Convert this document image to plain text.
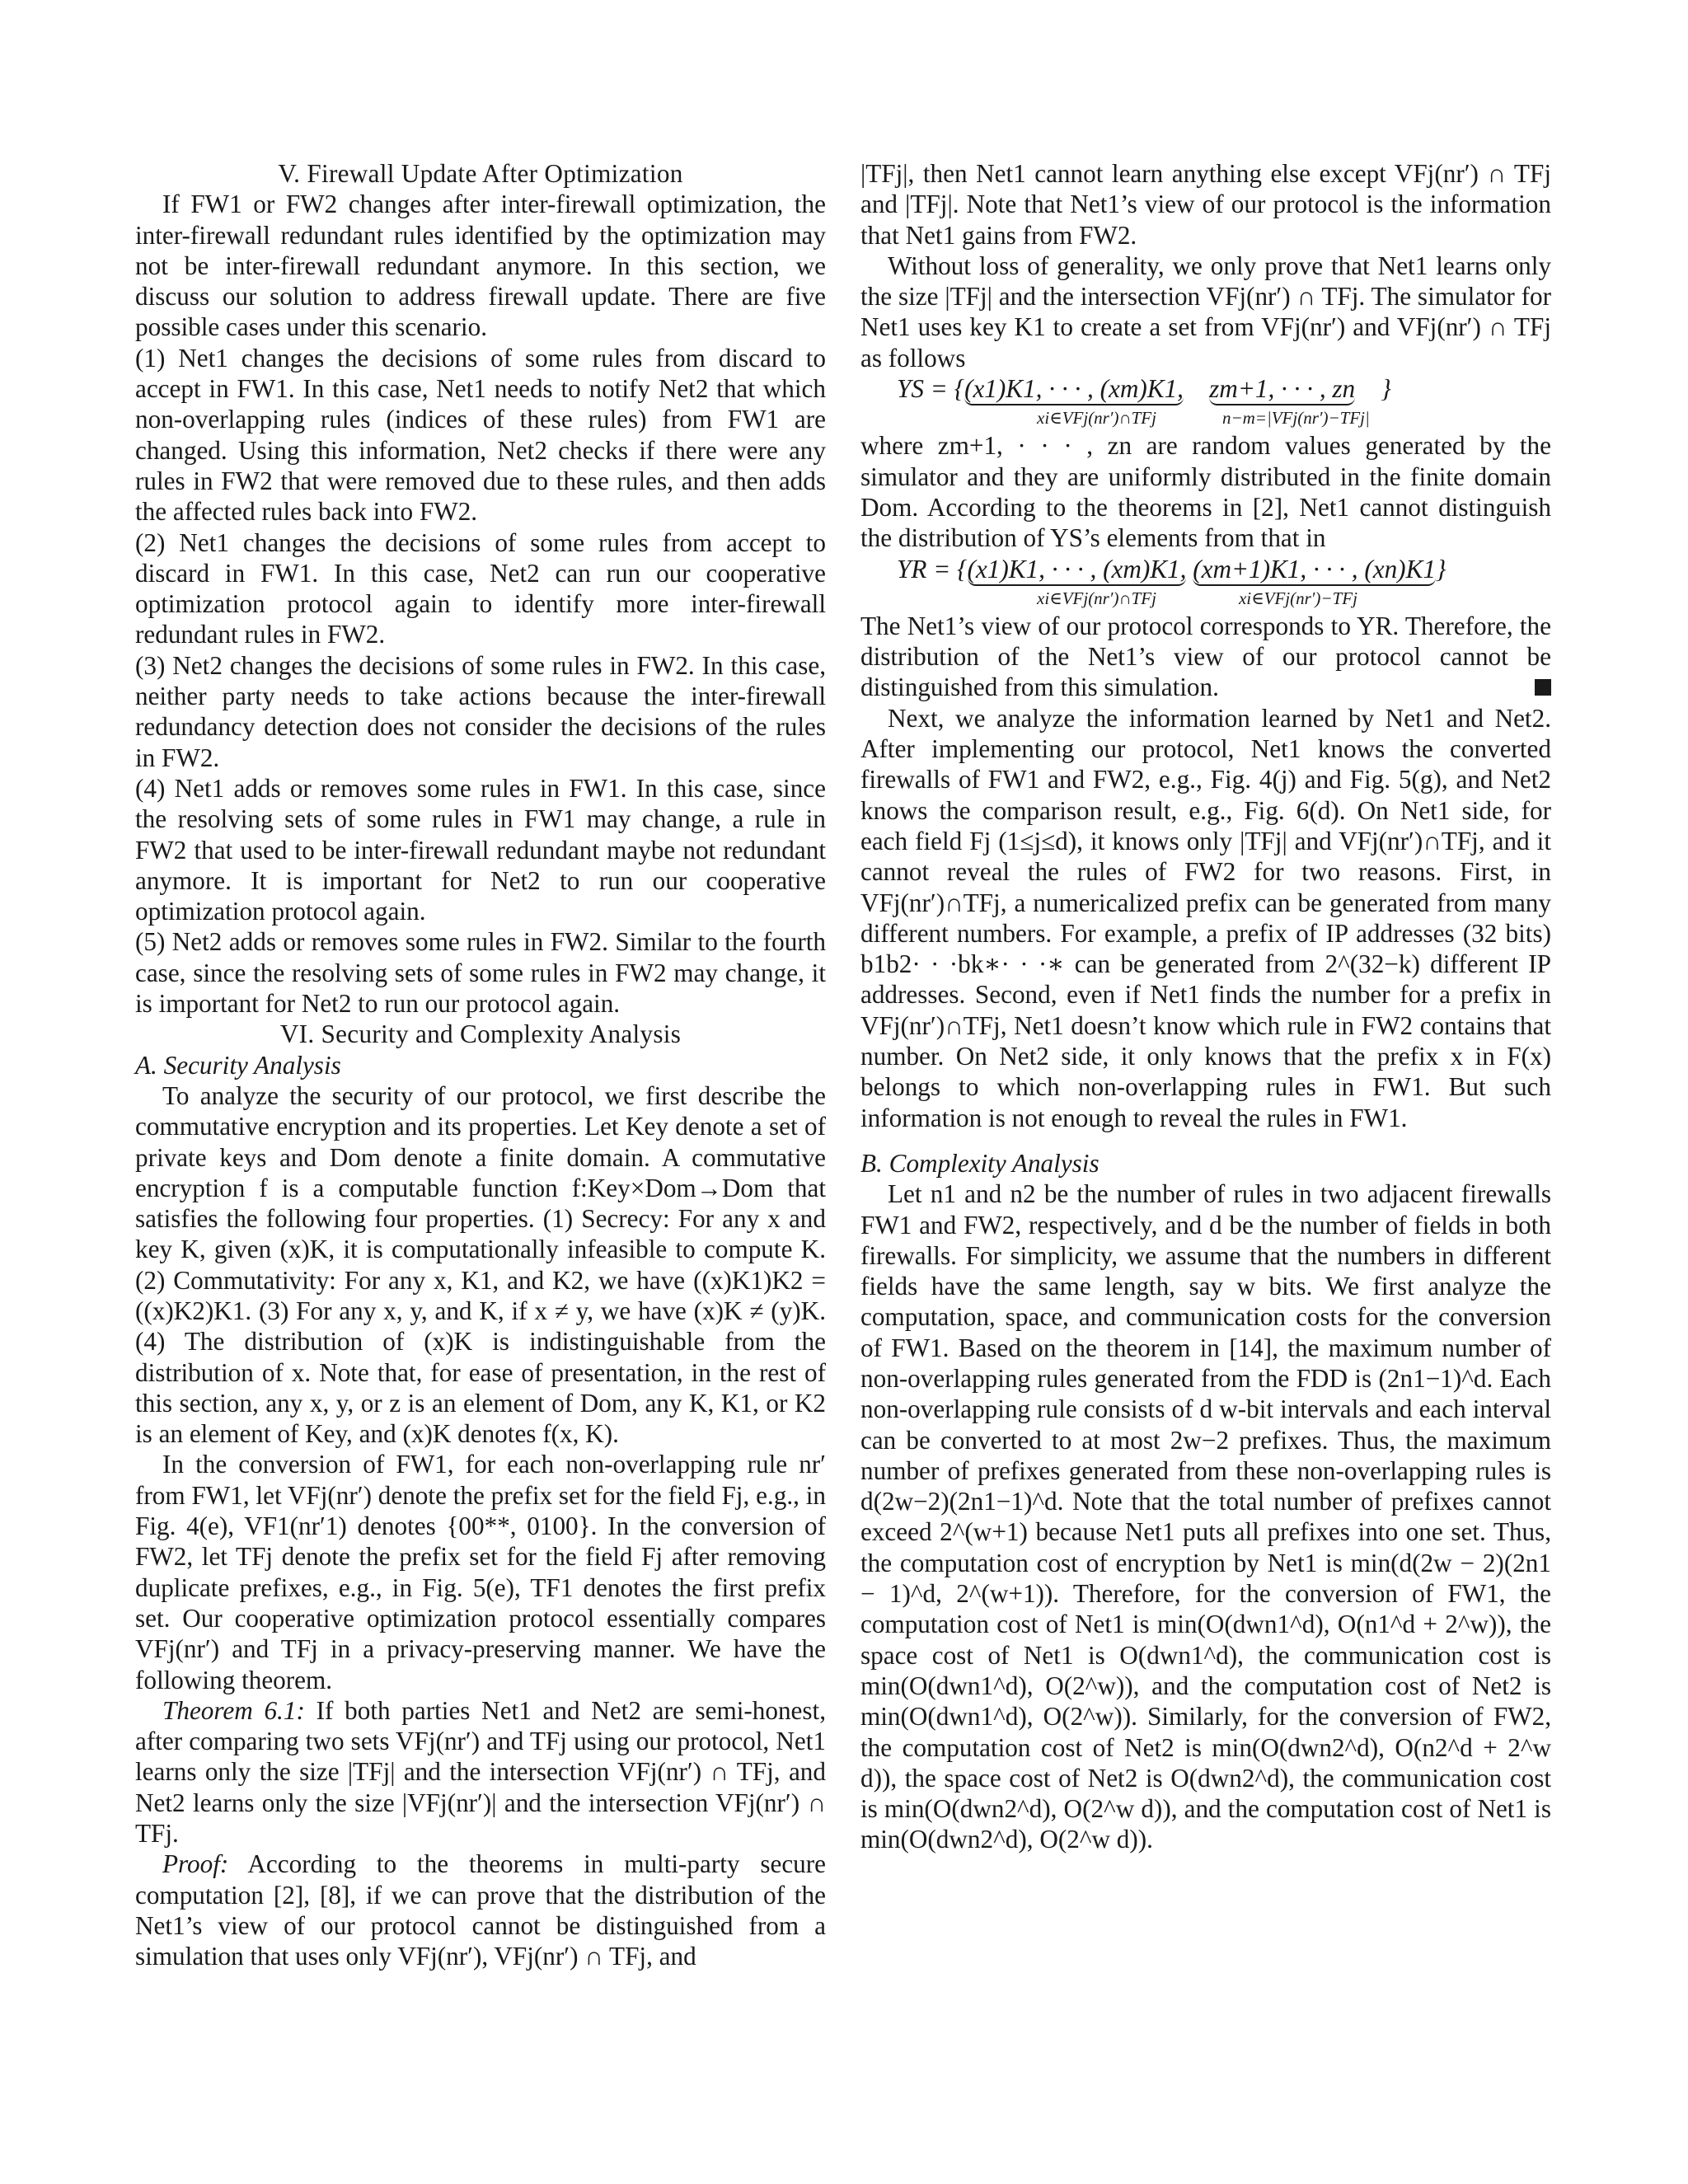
V. Firewall Update After Optimization

If FW1 or FW2 changes after inter-firewall optimization, the inter-firewall redundant rules identified by the optimization may not be inter-firewall redundant anymore. In this section, we discuss our solution to address firewall update. There are five possible cases under this scenario.

(1) Net1 changes the decisions of some rules from discard to accept in FW1. In this case, Net1 needs to notify Net2 that which non-overlapping rules (indices of these rules) from FW1 are changed. Using this information, Net2 checks if there were any rules in FW2 that were removed due to these rules, and then adds the affected rules back into FW2.

(2) Net1 changes the decisions of some rules from accept to discard in FW1. In this case, Net2 can run our cooperative optimization protocol again to identify more inter-firewall redundant rules in FW2.

(3) Net2 changes the decisions of some rules in FW2. In this case, neither party needs to take actions because the inter-firewall redundancy detection does not consider the decisions of the rules in FW2.

(4) Net1 adds or removes some rules in FW1. In this case, since the resolving sets of some rules in FW1 may change, a rule in FW2 that used to be inter-firewall redundant maybe not redundant anymore. It is important for Net2 to run our cooperative optimization protocol again.

(5) Net2 adds or removes some rules in FW2. Similar to the fourth case, since the resolving sets of some rules in FW2 may change, it is important for Net2 to run our protocol again.

VI. Security and Complexity Analysis

A. Security Analysis

To analyze the security of our protocol, we first describe the commutative encryption and its properties. Let Key denote a set of private keys and Dom denote a finite domain. A commutative encryption f is a computable function f:Key×Dom→Dom that satisfies the following four properties. (1) Secrecy: For any x and key K, given (x)K, it is computationally infeasible to compute K. (2) Commutativity: For any x, K1, and K2, we have ((x)K1)K2 = ((x)K2)K1. (3) For any x, y, and K, if x ≠ y, we have (x)K ≠ (y)K. (4) The distribution of (x)K is indistinguishable from the distribution of x. Note that, for ease of presentation, in the rest of this section, any x, y, or z is an element of Dom, any K, K1, or K2 is an element of Key, and (x)K denotes f(x, K).

In the conversion of FW1, for each non-overlapping rule nr′ from FW1, let VFj(nr′) denote the prefix set for the field Fj, e.g., in Fig. 4(e), VF1(nr′1) denotes {00**, 0100}. In the conversion of FW2, let TFj denote the prefix set for the field Fj after removing duplicate prefixes, e.g., in Fig. 5(e), TF1 denotes the first prefix set. Our cooperative optimization protocol essentially compares VFj(nr′) and TFj in a privacy-preserving manner. We have the following theorem.

Theorem 6.1: If both parties Net1 and Net2 are semi-honest, after comparing two sets VFj(nr′) and TFj using our protocol, Net1 learns only the size |TFj| and the intersection VFj(nr′) ∩ TFj, and Net2 learns only the size |VFj(nr′)| and the intersection VFj(nr′) ∩ TFj.

Proof: According to the theorems in multi-party secure computation [2], [8], if we can prove that the distribution of the Net1’s view of our protocol cannot be distinguished from a simulation that uses only VFj(nr′), VFj(nr′) ∩ TFj, and

|TFj|, then Net1 cannot learn anything else except VFj(nr′) ∩ TFj and |TFj|. Note that Net1’s view of our protocol is the information that Net1 gains from FW2.

Without loss of generality, we only prove that Net1 learns only the size |TFj| and the intersection VFj(nr′) ∩ TFj. The simulator for Net1 uses key K1 to create a set from VFj(nr′) and VFj(nr′) ∩ TFj as follows

YS = {(x1)K1, · · · , (xm)K1, zm+1, · · · , zn }
xi∈VFj(nr′)∩TFj	n−m=|VFj(nr′)−TFj|

where zm+1, · · · , zn are random values generated by the simulator and they are uniformly distributed in the finite domain Dom. According to the theorems in [2], Net1 cannot distinguish the distribution of YS’s elements from that in

YR = {(x1)K1, · · · , (xm)K1, (xm+1)K1, · · · , (xn)K1}
xi∈VFj(nr′)∩TFj	xi∈VFj(nr′)−TFj

The Net1’s view of our protocol corresponds to YR. Therefore, the distribution of the Net1’s view of our protocol cannot be distinguished from this simulation.

Next, we analyze the information learned by Net1 and Net2. After implementing our protocol, Net1 knows the converted firewalls of FW1 and FW2, e.g., Fig. 4(j) and Fig. 5(g), and Net2 knows the comparison result, e.g., Fig. 6(d). On Net1 side, for each field Fj (1≤j≤d), it knows only |TFj| and VFj(nr′)∩TFj, and it cannot reveal the rules of FW2 for two reasons. First, in VFj(nr′)∩TFj, a numericalized prefix can be generated from many different numbers. For example, a prefix of IP addresses (32 bits) b1b2· · ·bk∗· · ·∗ can be generated from 2^(32−k) different IP addresses. Second, even if Net1 finds the number for a prefix in VFj(nr′)∩TFj, Net1 doesn’t know which rule in FW2 contains that number. On Net2 side, it only knows that the prefix x in F(x) belongs to which non-overlapping rules in FW1. But such information is not enough to reveal the rules in FW1.

B. Complexity Analysis

Let n1 and n2 be the number of rules in two adjacent firewalls FW1 and FW2, respectively, and d be the number of fields in both firewalls. For simplicity, we assume that the numbers in different fields have the same length, say w bits. We first analyze the computation, space, and communication costs for the conversion of FW1. Based on the theorem in [14], the maximum number of non-overlapping rules generated from the FDD is (2n1−1)^d. Each non-overlapping rule consists of d w-bit intervals and each interval can be converted to at most 2w−2 prefixes. Thus, the maximum number of prefixes generated from these non-overlapping rules is d(2w−2)(2n1−1)^d. Note that the total number of prefixes cannot exceed 2^(w+1) because Net1 puts all prefixes into one set. Thus, the computation cost of encryption by Net1 is min(d(2w − 2)(2n1 − 1)^d, 2^(w+1)). Therefore, for the conversion of FW1, the computation cost of Net1 is min(O(dwn1^d), O(n1^d + 2^w)), the space cost of Net1 is O(dwn1^d), the communication cost is min(O(dwn1^d), O(2^w)), and the computation cost of Net2 is min(O(dwn1^d), O(2^w)). Similarly, for the conversion of FW2, the computation cost of Net2 is min(O(dwn2^d), O(n2^d + 2^w d)), the space cost of Net2 is O(dwn2^d), the communication cost is min(O(dwn2^d), O(2^w d)), and the computation cost of Net1 is min(O(dwn2^d), O(2^w d)).
